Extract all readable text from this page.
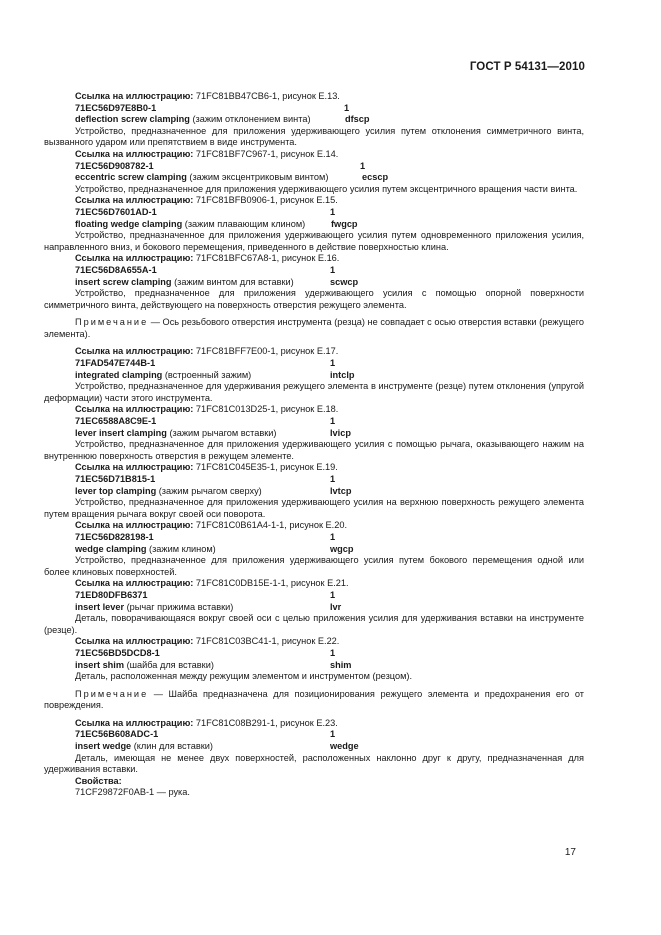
ГОСТ Р 54131—2010
Ссылка на иллюстрацию: 71FC81BB47CB6-1, рисунок Е.13.
71EC56D97E8B0-1	1
deflection screw clamping (зажим отклонением винта)	dfscp

Устройство, предназначенное для приложения удерживающего усилия путем отклонения симметричного винта, вызванного ударом или препятствием в виде инструмента.

Ссылка на иллюстрацию: 71FC81BF7C967-1, рисунок Е.14.
71EC56D908782-1	1
eccentric screw clamping (зажим эксцентриковым винтом)	ecscp

Устройство, предназначенное для приложения удерживающего усилия путем эксцентричного вращения части винта.

Ссылка на иллюстрацию: 71FC81BFB0906-1, рисунок Е.15.
71EC56D7601AD-1	1
floating wedge clamping (зажим плавающим клином)	fwgcp

Устройство, предназначенное для приложения удерживающего усилия путем одновременного приложения усилия, направленного вниз, и бокового перемещения, приведенного в действие поверхностью клина.

Ссылка на иллюстрацию: 71FC81BFC67A8-1, рисунок Е.16.
71EC56D8A655A-1	1
insert screw clamping (зажим винтом для вставки)	scwcp

Устройство, предназначенное для приложения удерживающего усилия с помощью опорной поверхности симметричного винта, действующего на поверхность отверстия режущего элемента.

Примечание — Ось резьбового отверстия инструмента (резца) не совпадает с осью отверстия вставки (режущего элемента).

Ссылка на иллюстрацию: 71FC81BFF7E00-1, рисунок Е.17.
71FAD547E744B-1	1
integrated clamping (встроенный зажим)	intclp

Устройство, предназначенное для удерживания режущего элемента в инструменте (резце) путем отклонения (упругой деформации) части этого инструмента.

Ссылка на иллюстрацию: 71FC81C013D25-1, рисунок Е.18.
71EC6588A8C9E-1	1
lever insert clamping (зажим рычагом вставки)	lvicp

Устройство, предназначенное для приложения удерживающего усилия с помощью рычага, оказывающего нажим на внутреннюю поверхность отверстия в режущем элементе.

Ссылка на иллюстрацию: 71FC81C045E35-1, рисунок Е.19.
71EC56D71B815-1	1
lever top clamping (зажим рычагом сверху)	lvtcp

Устройство, предназначенное для приложения удерживающего усилия на верхнюю поверхность режущего элемента путем вращения рычага вокруг своей оси поворота.

Ссылка на иллюстрацию: 71FC81C0B61A4-1-1, рисунок Е.20.
71EC56D828198-1	1
wedge clamping (зажим клином)	wgcp

Устройство, предназначенное для приложения удерживающего усилия путем бокового перемещения одной или более клиновых поверхностей.

Ссылка на иллюстрацию: 71FC81C0DB15E-1-1, рисунок Е.21.
71ED80DFB6371	1
insert lever (рычаг прижима вставки)	lvr

Деталь, поворачивающаяся вокруг своей оси с целью приложения усилия для удерживания вставки на инструменте (резце).

Ссылка на иллюстрацию: 71FC81C03BC41-1, рисунок Е.22.
71EC56BD5DCD8-1	1
insert shim (шайба для вставки)	shim

Деталь, расположенная между режущим элементом и инструментом (резцом).

Примечание — Шайба предназначена для позиционирования режущего элемента и предохранения его от повреждения.

Ссылка на иллюстрацию: 71FC81C08B291-1, рисунок Е.23.
71EC56B608ADC-1	1
insert wedge (клин для вставки)	wedge

Деталь, имеющая не менее двух поверхностей, расположенных наклонно друг к другу, предназначенная для удерживания вставки.

Свойства:
71CF29872F0AB-1 — рука.
17
